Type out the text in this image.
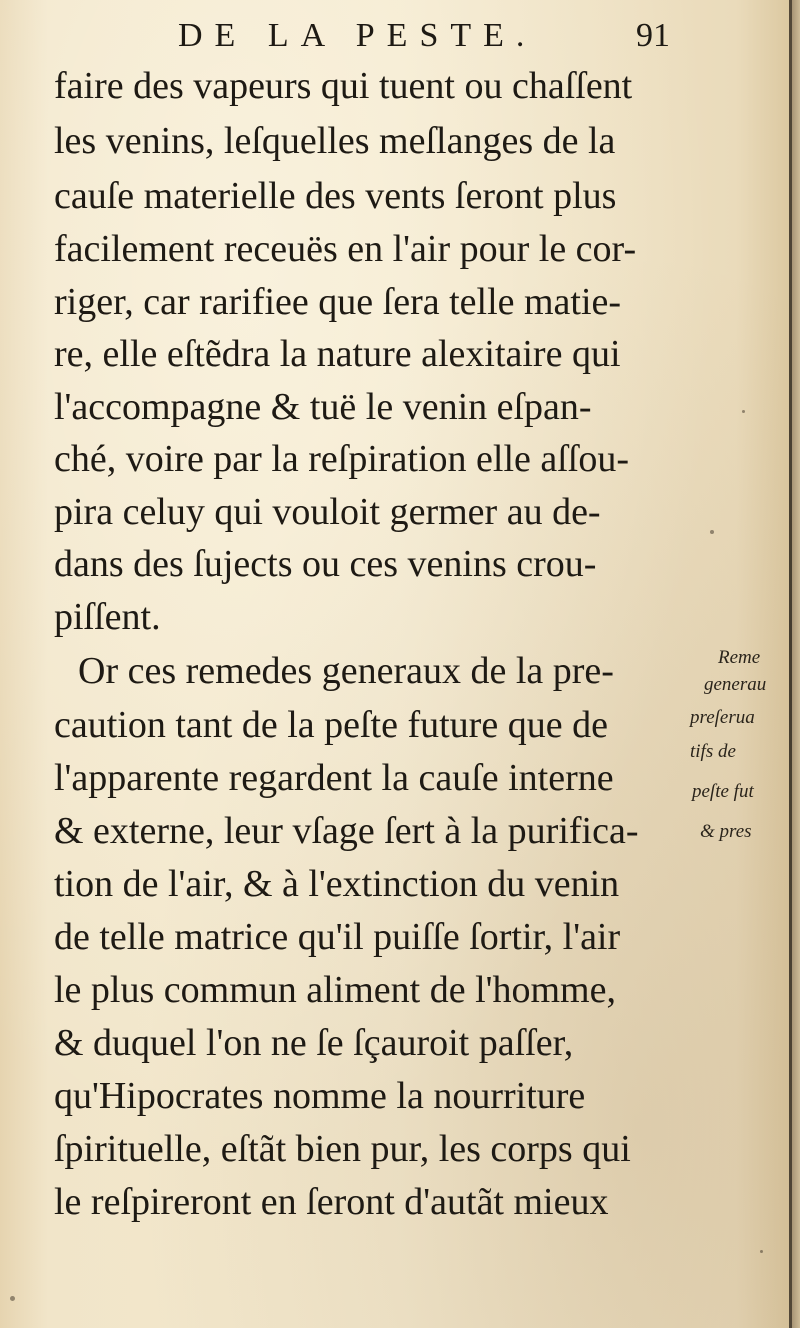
DE LA PESTE.	91

faire des vapeurs qui tuent ou chaſſent

les venins, leſquelles meſlanges de la

cauſe materielle des vents ſeront plus

facilement receuës en l'air pour le cor-

riger, car rarifiee que ſera telle matie-

re, elle eſtẽdra la nature alexitaire qui

l'accompagne & tuë le venin eſpan-

ché, voire par la reſpiration elle aſſou-

pira celuy qui vouloit germer au de-

dans des ſujects ou ces venins crou-

piſſent.

Or ces remedes generaux de la pre-

caution tant de la peſte future que de

l'apparente regardent la cauſe interne

& externe, leur vſage ſert à la purifica-

tion de l'air, & à l'extinction du venin

de telle matrice qu'il puiſſe ſortir, l'air

le plus commun aliment de l'homme,

& duquel l'on ne ſe ſçauroit paſſer,

qu'Hipocrates nomme la nourriture

ſpirituelle, eſtãt bien pur, les corps qui

le reſpireront en ſeront d'autãt mieux

Reme

generau

preſerua

tifs de

peſte fut

& pres
